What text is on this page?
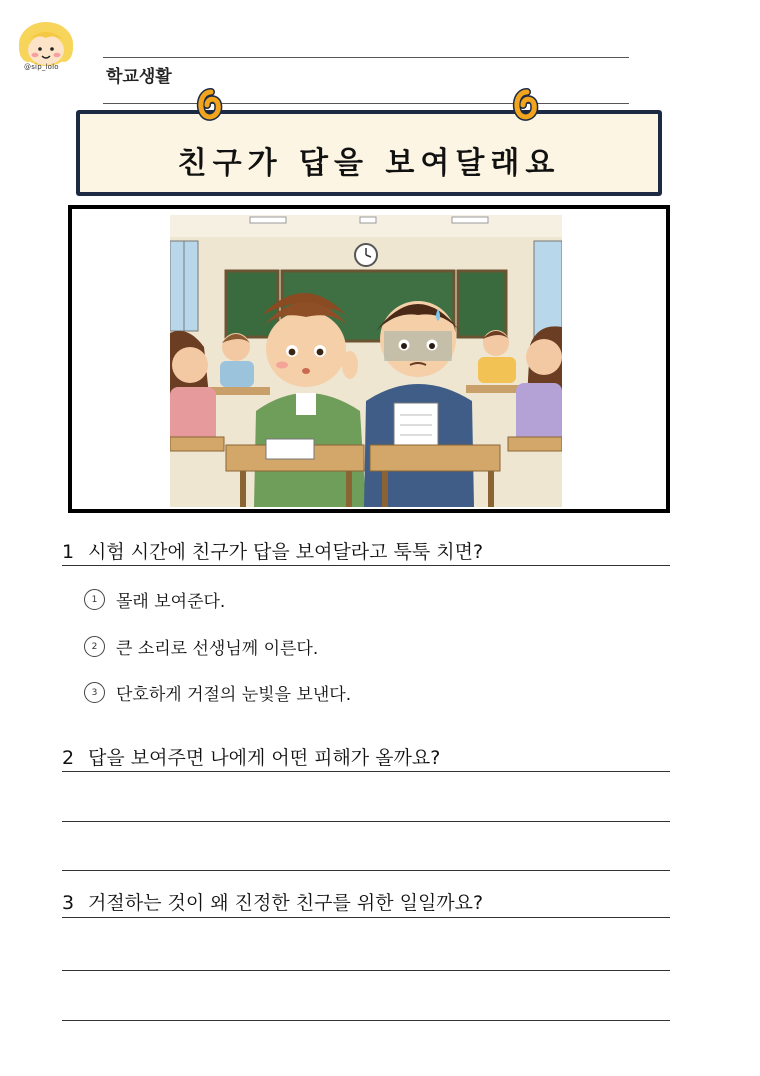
@sip_lolo	학교생활
친구가 답을 보여달래요
1 시험 시간에 친구가 답을 보여달라고 툭툭 치면?
1	몰래 보여준다.
2	큰 소리로 선생님께 이른다.
3	단호하게 거절의 눈빛을 보낸다.
2 답을 보여주면 나에게 어떤 피해가 올까요?
3 거절하는 것이 왜 진정한 친구를 위한 일일까요?
